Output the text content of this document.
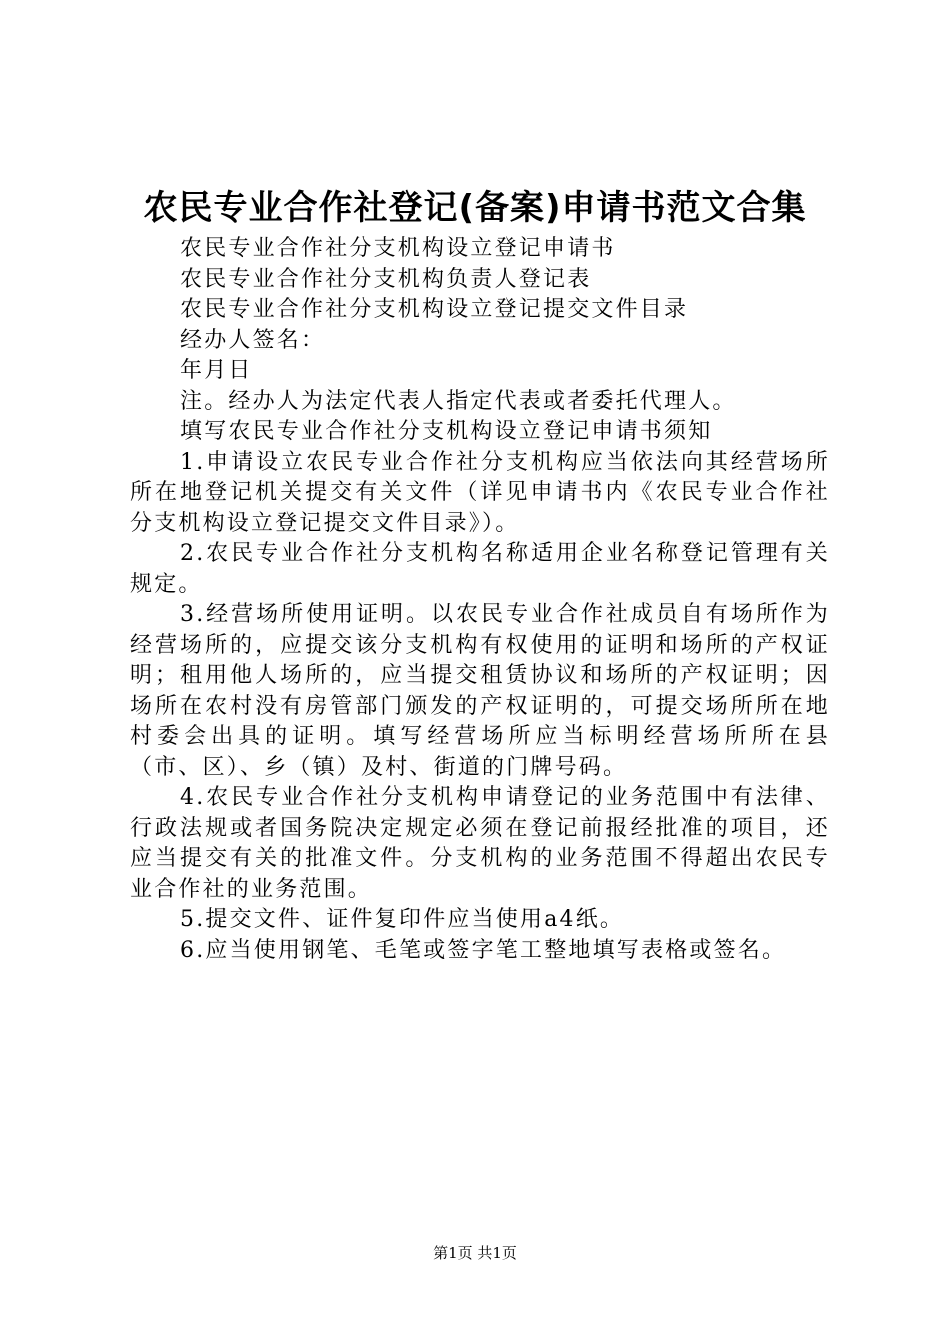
农民专业合作社登记(备案)申请书范文合集

农民专业合作社分支机构设立登记申请书

农民专业合作社分支机构负责人登记表

农民专业合作社分支机构设立登记提交文件目录

经办人签名：

年月日

注。经办人为法定代表人指定代表或者委托代理人。

填写农民专业合作社分支机构设立登记申请书须知

1.申请设立农民专业合作社分支机构应当依法向其经营场所所在地登记机关提交有关文件（详见申请书内《农民专业合作社分支机构设立登记提交文件目录》）。

2.农民专业合作社分支机构名称适用企业名称登记管理有关规定。

3.经营场所使用证明。以农民专业合作社成员自有场所作为经营场所的，应提交该分支机构有权使用的证明和场所的产权证明；租用他人场所的，应当提交租赁协议和场所的产权证明；因场所在农村没有房管部门颁发的产权证明的，可提交场所所在地村委会出具的证明。填写经营场所应当标明经营场所所在县（市、区）、乡（镇）及村、街道的门牌号码。

4.农民专业合作社分支机构申请登记的业务范围中有法律、行政法规或者国务院决定规定必须在登记前报经批准的项目，还应当提交有关的批准文件。分支机构的业务范围不得超出农民专业合作社的业务范围。

5.提交文件、证件复印件应当使用a4纸。

6.应当使用钢笔、毛笔或签字笔工整地填写表格或签名。

第1页 共1页
